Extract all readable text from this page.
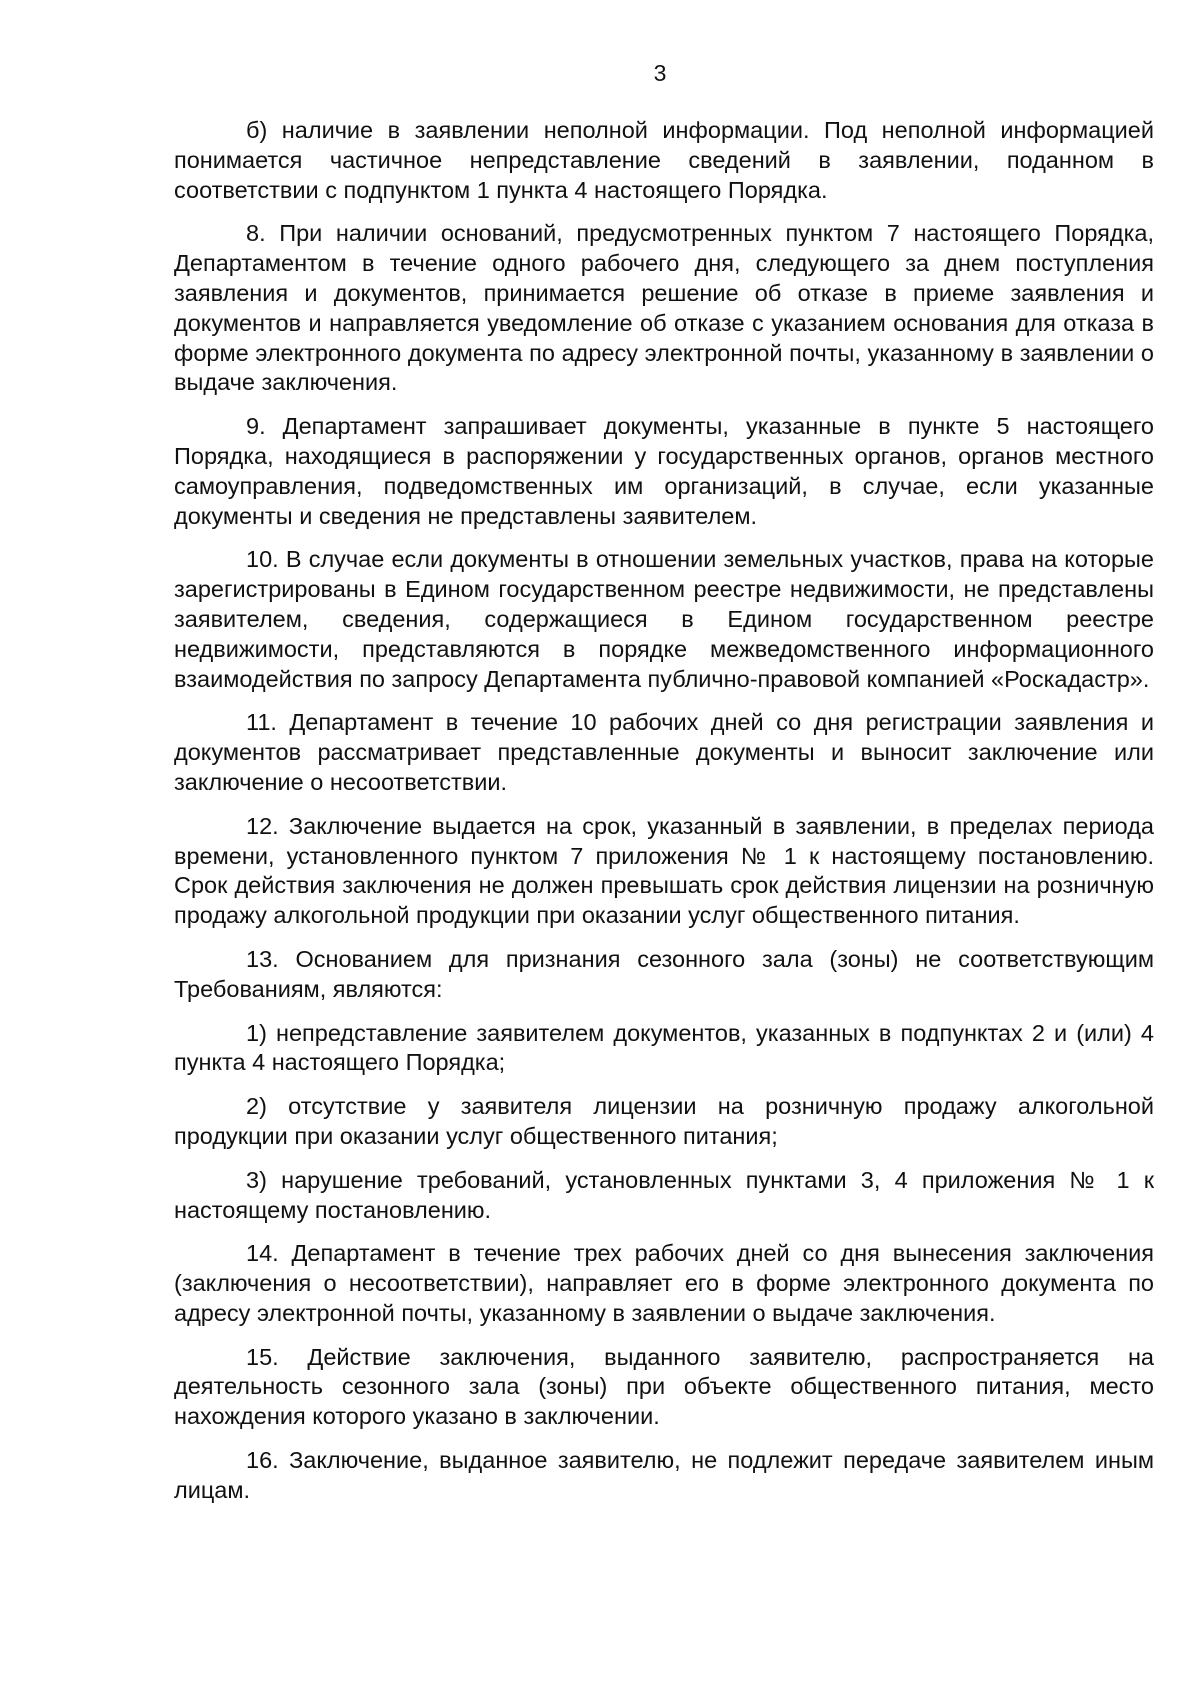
3

б) наличие в заявлении неполной информации. Под неполной информацией понимается частичное непредставление сведений в заявлении, поданном в соответствии с подпунктом 1 пункта 4 настоящего Порядка.

8. При наличии оснований, предусмотренных пунктом 7 настоящего Порядка, Департаментом в течение одного рабочего дня, следующего за днем поступления заявления и документов, принимается решение об отказе в приеме заявления и документов и направляется уведомление об отказе с указанием основания для отказа в форме электронного документа по адресу электронной почты, указанному в заявлении о выдаче заключения.

9. Департамент запрашивает документы, указанные в пункте 5 настоящего Порядка, находящиеся в распоряжении у государственных органов, органов местного самоуправления, подведомственных им организаций, в случае, если указанные документы и сведения не представлены заявителем.

10. В случае если документы в отношении земельных участков, права на которые зарегистрированы в Едином государственном реестре недвижимости, не представлены заявителем, сведения, содержащиеся в Едином государственном реестре недвижимости, представляются в порядке межведомственного информационного взаимодействия по запросу Департамента публично-правовой компанией «Роскадастр».

11. Департамент в течение 10 рабочих дней со дня регистрации заявления и документов рассматривает представленные документы и выносит заключение или заключение о несоответствии.

12. Заключение выдается на срок, указанный в заявлении, в пределах периода времени, установленного пунктом 7 приложения № 1 к настоящему постановлению. Срок действия заключения не должен превышать срок действия лицензии на розничную продажу алкогольной продукции при оказании услуг общественного питания.

13. Основанием для признания сезонного зала (зоны) не соответствующим Требованиям, являются:

1) непредставление заявителем документов, указанных в подпунктах 2 и (или) 4 пункта 4 настоящего Порядка;

2) отсутствие у заявителя лицензии на розничную продажу алкогольной продукции при оказании услуг общественного питания;

3) нарушение требований, установленных пунктами 3, 4 приложения № 1 к настоящему постановлению.

14. Департамент в течение трех рабочих дней со дня вынесения заключения (заключения о несоответствии), направляет его в форме электронного документа по адресу электронной почты, указанному в заявлении о выдаче заключения.

15. Действие заключения, выданного заявителю, распространяется на деятельность сезонного зала (зоны) при объекте общественного питания, место нахождения которого указано в заключении.

16. Заключение, выданное заявителю, не подлежит передаче заявителем иным лицам.
